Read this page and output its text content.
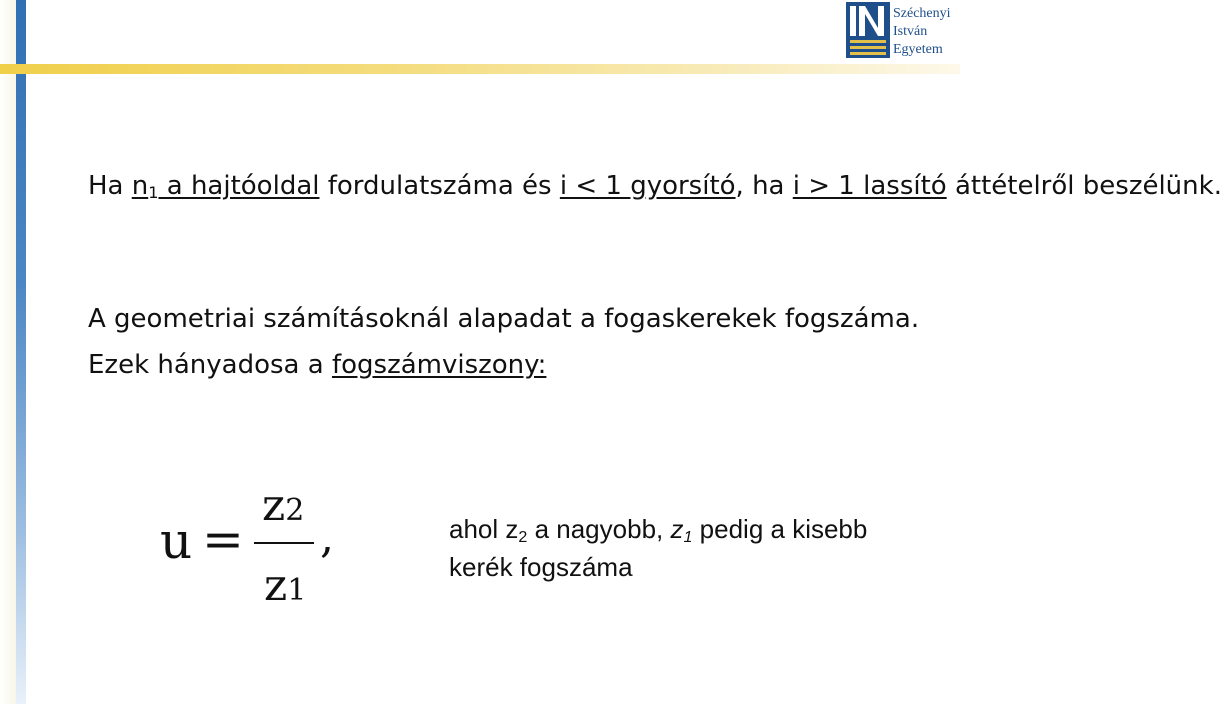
Széchenyi
István
Egyetem
Ha $n_1$ a hajtóoldal fordulatszáma és i < 1 gyorsító, ha i > 1 lassító áttételről beszélünk.
A geometriai számításoknál alapadat a fogaskerekek fogszáma. Ezek hányadosa a fogszámviszony:
u =
z2
z1
,	ahol $z_2$ a nagyobb, $z_1$ pedig a kisebb kerék fogszáma
